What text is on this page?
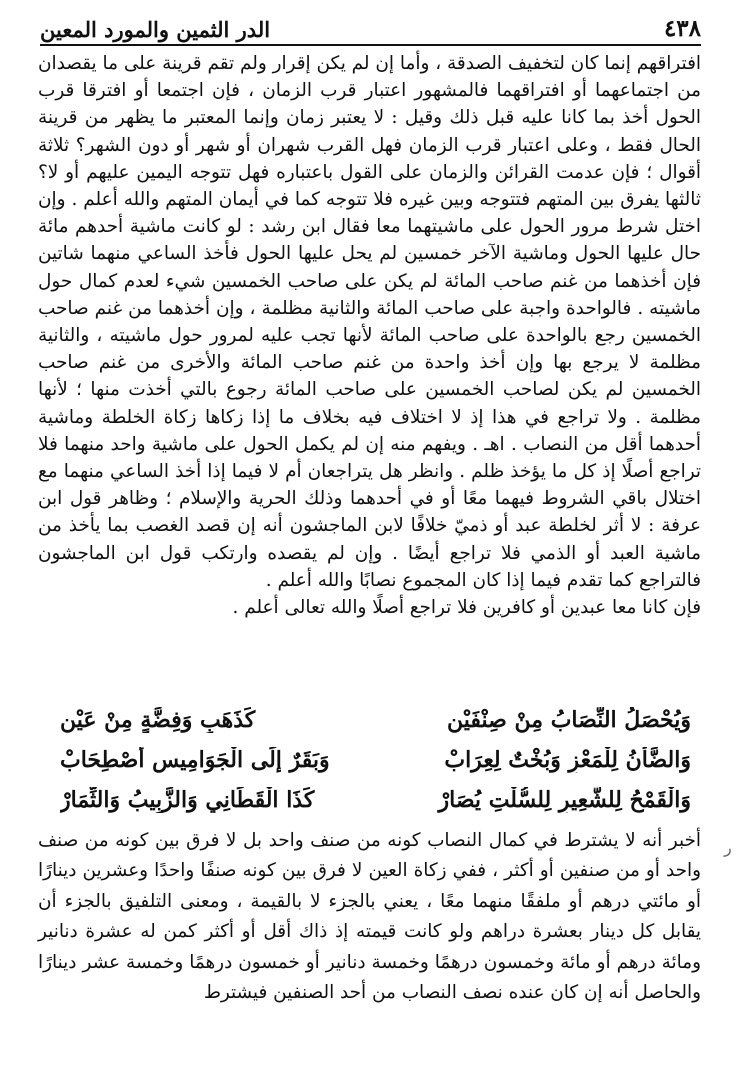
٤٣٨
الدر الثمين والمورد المعين

افتراقهم إنما كان لتخفيف الصدقة ، وأما إن لم يكن إقرار ولم تقم قرينة على ما يقصدان من اجتماعهما أو افتراقهما فالمشهور اعتبار قرب الزمان ، فإن اجتمعا أو افترقا قرب الحول أخذ بما كانا عليه قبل ذلك وقيل : لا يعتبر زمان وإنما المعتبر ما يظهر من قرينة الحال فقط ، وعلى اعتبار قرب الزمان فهل القرب شهران أو شهر أو دون الشهر؟ ثلاثة أقوال ؛ فإن عدمت القرائن والزمان على القول باعتباره فهل تتوجه اليمين عليهم أو لا؟ ثالثها يفرق بين المتهم فتتوجه وبين غيره فلا تتوجه كما في أيمان المتهم والله أعلم . وإن اختل شرط مرور الحول على ماشيتهما معا فقال ابن رشد : لو كانت ماشية أحدهم مائة حال عليها الحول وماشية الآخر خمسين لم يحل عليها الحول فأخذ الساعي منهما شاتين فإن أخذهما من غنم صاحب المائة لم يكن على صاحب الخمسين شيء لعدم كمال حول ماشيته . فالواحدة واجبة على صاحب المائة والثانية مظلمة ، وإن أخذهما من غنم صاحب الخمسين رجع بالواحدة على صاحب المائة لأنها تجب عليه لمرور حول ماشيته ، والثانية مظلمة لا يرجع بها وإن أخذ واحدة من غنم صاحب المائة والأخرى من غنم صاحب الخمسين لم يكن لصاحب الخمسين على صاحب المائة رجوع بالتي أخذت منها ؛ لأنها مظلمة . ولا تراجع في هذا إذ لا اختلاف فيه بخلاف ما إذا زكاها زكاة الخلطة وماشية أحدهما أقل من النصاب . اهـ . ويفهم منه إن لم يكمل الحول على ماشية واحد منهما فلا تراجع أصلًا إذ كل ما يؤخذ ظلم . وانظر هل يتراجعان أم لا فيما إذا أخذ الساعي منهما مع اختلال باقي الشروط فيهما معًا أو في أحدهما وذلك الحرية والإسلام ؛ وظاهر قول ابن عرفة : لا أثر لخلطة عبد أو ذميّ خلافًا لابن الماجشون أنه إن قصد الغصب بما يأخذ من ماشية العبد أو الذمي فلا تراجع أيضًا . وإن لم يقصده وارتكب قول ابن الماجشون فالتراجع كما تقدم فيما إذا كان المجموع نصابًا والله أعلم .

فإن كانا معا عبدين أو كافرين فلا تراجع أصلًا والله تعالى أعلم .

وَيُحْصَلُ النِّصَابُ مِنْ صِنْفَيْنِ
كَذَهَبٍ وَفِضَّةٍ مِنْ عَيْنِ
وَالضَّأْنُ لِلْمَعْزِ وَبُخْتٌ لِعِرَابْ
وَبَقَرٌ إِلَى الْجَوَامِيسِ أَصْطِحَابْ
وَالْقَمْحُ لِلشَّعِيرِ لِلسُّلْتِ يُصَارْ
كَذَا الْقَطَانِي وَالزَّبِيبُ وَالثِّمَارْ

أخبر أنه لا يشترط في كمال النصاب كونه من صنف واحد بل لا فرق بين كونه من صنف واحد أو من صنفين أو أكثر ، ففي زكاة العين لا فرق بين كونه صنفًا واحدًا وعشرين دينارًا أو مائتي درهم أو ملفقًا منهما معًا ، يعني بالجزء لا بالقيمة ، ومعنى التلفيق بالجزء أن يقابل كل دينار بعشرة دراهم ولو كانت قيمته إذ ذاك أقل أو أكثر كمن له عشرة دنانير ومائة درهم أو مائة وخمسون درهمًا وخمسة دنانير أو خمسون درهمًا وخمسة عشر دينارًا والحاصل أنه إن كان عنده نصف النصاب من أحد الصنفين فيشترط

ر
